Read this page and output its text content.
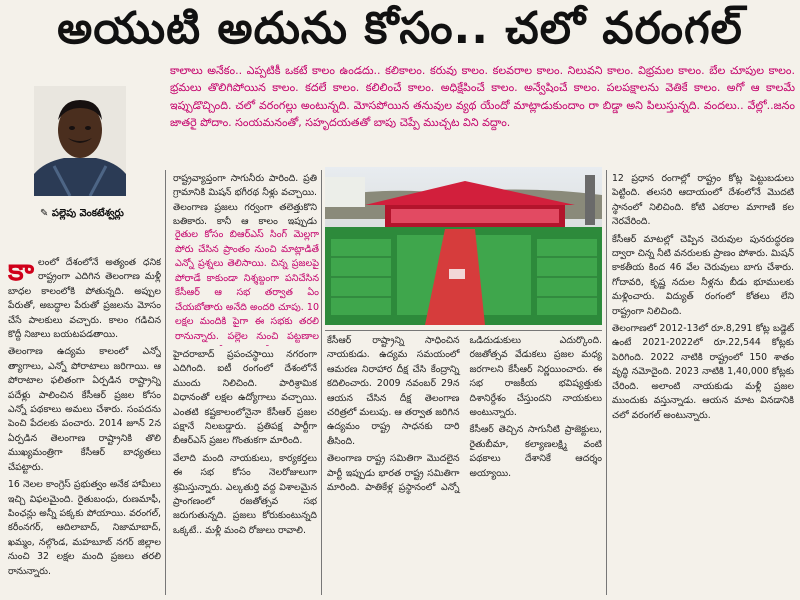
అయుటి అదును కోసం.. చలో వరంగల్
✎ పల్లెపు వెంకటేశ్వర్లు
కాలాలు అనేకం.. ఎప్పటికీ ఒకటే కాలం ఉండదు.. కలికాలం. కరువు కాలం. కలవరాల కాలం. నిలువని కాలం. విభ్రమల కాలం. బేల చూపుల కాలం. భ్రమలు తొలిగిపోయిన కాలం. కదలే కాలం. కలిలించే కాలం. అధిక్షేపించే కాలం. అన్వేషించే కాలం. పలపక్షాలను వెతికే కాలం. అగో ఆ కాలమే ఇప్పుడొచ్చింది. చలో వరంగల్లు అంటున్నది. మోసపోయిన తనువుల వ్యథ యేందో మాట్లాడుకుందాం రా బిడ్డా అని పిలుస్తున్నది. వందలు.. వేల్లో..జనం జాతరై పోదాం. సంయమనంతో, సహృదయతతో బాపు చెప్పే ముచ్చట విని వద్దాం.
కా లంలో దేశంలోనే అత్యంత ధనిక రాష్ట్రంగా ఎదిగిన తెలంగాణ మళ్లీ బాధల కాలంలోకి పోతున్నది. అప్పుల పేరుతో, అబద్ధాల పేరుతో ప్రజలను మోసం చేసే పాలకులు వచ్చారు. కాలం గడిచిన కొద్దీ నిజాలు బయటపడతాయి.

తెలంగాణ ఉద్యమ కాలంలో ఎన్నో త్యాగాలు, ఎన్నో పోరాటాలు జరిగాయి. ఆ పోరాటాల ఫలితంగా ఏర్పడిన రాష్ట్రాన్ని పదేళ్లు పాలించిన కేసీఆర్ ప్రజల కోసం ఎన్నో పథకాలు అమలు చేశారు. సంపదను పెంచి పేదలకు పంచారు. 2014 జూన్ 2న ఏర్పడిన తెలంగాణ రాష్ట్రానికి తొలి ముఖ్యమంత్రిగా కేసీఆర్ బాధ్యతలు చేపట్టారు.

16 నెలల కాంగ్రెస్ ప్రభుత్వం అనేక హామీలు ఇచ్చి విఫలమైంది. రైతుబంధు, రుణమాఫీ, పింఛన్లు అన్నీ పక్కకు పోయాయి. వరంగల్, కరీంనగర్, ఆదిలాబాద్, నిజామాబాద్, ఖమ్మం, నల్గొండ, మహబూబ్ నగర్ జిల్లాల నుంచి 32 లక్షల మంది ప్రజలు తరలి రానున్నారు.

రాష్ట్రవ్యాప్తంగా సాగునీరు పారింది. ప్రతి గ్రామానికి మిషన్ భగీరథ నీళ్లు వచ్చాయి. తెలంగాణ ప్రజలు గర్వంగా తలెత్తుకొని బతికారు. కానీ ఆ కాలం ఇప్పుడు

రైతుల కోసం బిఆర్ఎస్ సింగ్ మెల్లగా పోరు చేసిన ప్రాంతం నుంచి మాట్లాడితే ఎన్నో ప్రశ్నలు తెలిసాయి. చిన్న ప్రజలపై పోరాడే కాకుండా నిశ్శబ్దంగా పనిచేసిన కేసీఆర్ ఆ సభ తర్వాత ఏం చేయబోతారు అనేది అందరి చూపు. 10 లక్షల మందికి పైగా ఈ సభకు తరలి రానున్నారు. పల్లెల నుంచి పట్టణాల

హైదరాబాద్ ప్రపంచస్థాయి నగరంగా ఎదిగింది. ఐటీ రంగంలో దేశంలోనే ముందు నిలిచింది. పారిశ్రామిక విధానంతో లక్షల ఉద్యోగాలు వచ్చాయి. ఎంతటి కష్టకాలంలోనైనా కేసీఆర్ ప్రజల పక్షానే నిలబడ్డారు. ప్రతిపక్ష పార్టీగా బీఆర్ఎస్ ప్రజల గొంతుకగా మారింది.

వేలాది మంది నాయకులు, కార్యకర్తలు ఈ సభ కోసం నెలరోజులుగా శ్రమిస్తున్నారు. ఎల్కతుర్తి వద్ద విశాలమైన ప్రాంగణంలో రజతోత్సవ సభ జరుగుతున్నది. ప్రజలు కోరుకుంటున్నది ఒక్కటే.. మళ్లీ మంచి రోజులు రావాలి.

కేసీఆర్ రాష్ట్రాన్ని సాధించిన నాయకుడు. ఉద్యమ సమయంలో ఆమరణ నిరాహార దీక్ష చేసి కేంద్రాన్ని కదిలించారు. 2009 నవంబర్ 29న ఆయన చేసిన దీక్ష తెలంగాణ చరిత్రలో మలుపు. ఆ తర్వాత జరిగిన ఉద్యమం రాష్ట్ర సాధనకు దారి తీసింది.

తెలంగాణ రాష్ట్ర సమితిగా మొదలైన పార్టీ ఇప్పుడు భారత రాష్ట్ర సమితిగా మారింది. పాతికేళ్ల ప్రస్థానంలో ఎన్నో ఒడిదుడుకులు ఎదుర్కొంది. రజతోత్సవ వేడుకలు ప్రజల మధ్య జరగాలని కేసీఆర్ నిర్ణయించారు. ఈ సభ రాజకీయ భవిష్యత్తుకు దిశానిర్దేశం చేస్తుందని నాయకులు అంటున్నారు.

కేసీఆర్ తెచ్చిన సాగునీటి ప్రాజెక్టులు, రైతుబీమా, కల్యాణలక్ష్మి వంటి పథకాలు దేశానికే ఆదర్శం అయ్యాయి.

12 ప్రధాన రంగాల్లో రాష్ట్రం కోట్ల పెట్టుబడులు పెట్టింది. తలసరి ఆదాయంలో దేశంలోనే మొదటి స్థానంలో నిలిచింది. కోటి ఎకరాల మాగాణి కల నెరవేరింది.

కేసీఆర్ మాటల్లో చెప్పిన చెరువుల పునరుద్ధరణ ద్వారా చిన్న నీటి వనరులకు ప్రాణం పోశారు. మిషన్ కాకతీయ కింద 46 వేల చెరువులు బాగు చేశారు. గోదావరి, కృష్ణ నదుల నీళ్లను బీడు భూములకు మళ్లించారు. విద్యుత్ రంగంలో కోతలు లేని రాష్ట్రంగా నిలిచింది.

తెలంగాణలో 2012-13లో రూ.8,291 కోట్ల బడ్జెట్ ఉంటే 2021-2022లో రూ.22,544 కోట్లకు పెరిగింది. 2022 నాటికి రాష్ట్రంలో 150 శాతం వృద్ధి నమోదైంది. 2023 నాటికి 1,40,000 కోట్లకు చేరింది. అలాంటి నాయకుడు మళ్లీ ప్రజల ముందుకు వస్తున్నాడు. ఆయన మాట వినడానికి చలో వరంగల్ అంటున్నారు.
